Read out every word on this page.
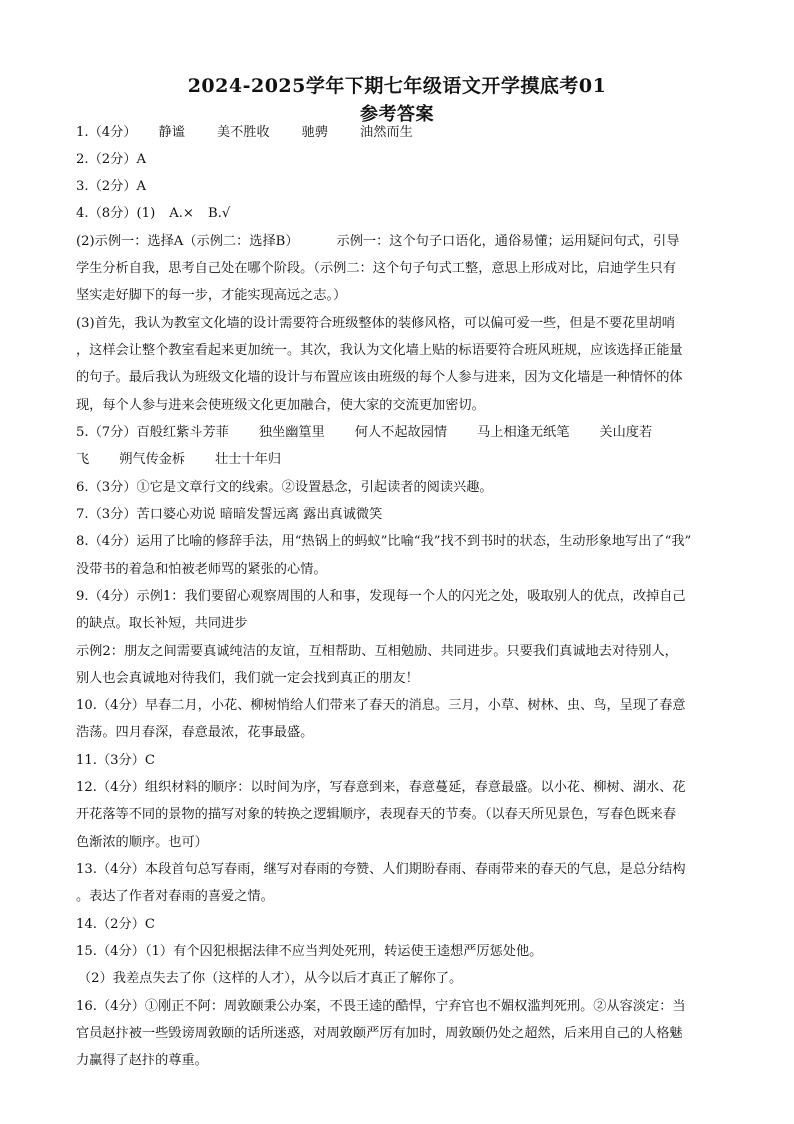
2024-2025学年下期七年级语文开学摸底考01
参考答案
1.（4分） 静谧 美不胜收 驰骋 油然而生
2.（2分）A
3.（2分）A
4.（8分）(1) A.× B.√
(2)示例一：选择A（示例二：选择B）	示例一：这个句子口语化，通俗易懂；运用疑问句式，引导
学生分析自我，思考自己处在哪个阶段。（示例二：这个句子句式工整，意思上形成对比，启迪学生只有
坚实走好脚下的每一步，才能实现高远之志。）
(3)首先，我认为教室文化墙的设计需要符合班级整体的装修风格，可以偏可爱一些，但是不要花里胡哨
，这样会让整个教室看起来更加统一。其次，我认为文化墙上贴的标语要符合班风班规，应该选择正能量
的句子。最后我认为班级文化墙的设计与布置应该由班级的每个人参与进来，因为文化墙是一种情怀的体
现，每个人参与进来会使班级文化更加融合，使大家的交流更加密切。
5.（7分）百般红紫斗芳菲 独坐幽篁里 何人不起故园情 马上相逢无纸笔 关山度若
飞 朔气传金柝 壮士十年归
6.（3分）①它是文章行文的线索。②设置悬念，引起读者的阅读兴趣。
7.（3分）苦口婆心劝说 暗暗发誓远离 露出真诚微笑
8.（4分）运用了比喻的修辞手法，用“热锅上的蚂蚁”比喻“我”找不到书时的状态，生动形象地写出了“我”
没带书的着急和怕被老师骂的紧张的心情。
9.（4分）示例1：我们要留心观察周围的人和事，发现每一个人的闪光之处，吸取别人的优点，改掉自己
的缺点。取长补短，共同进步
示例2：朋友之间需要真诚纯洁的友谊，互相帮助、互相勉励、共同进步。只要我们真诚地去对待别人，
别人也会真诚地对待我们，我们就一定会找到真正的朋友！
10.（4分）早春二月，小花、柳树悄给人们带来了春天的消息。三月，小草、树林、虫、鸟，呈现了春意
浩荡。四月春深，春意最浓，花事最盛。
11.（3分）C
12.（4分）组织材料的顺序：以时间为序，写春意到来，春意蔓延，春意最盛。以小花、柳树、湖水、花
开花落等不同的景物的描写对象的转换之逻辑顺序，表现春天的节奏。（以春天所见景色，写春色既来春
色渐浓的顺序。也可）
13.（4分）本段首句总写春雨，继写对春雨的夸赞、人们期盼春雨、春雨带来的春天的气息，是总分结构
。表达了作者对春雨的喜爱之情。
14.（2分）C
15.（4分）（1）有个囚犯根据法律不应当判处死刑，转运使王逵想严厉惩处他。
（2）我差点失去了你（这样的人才），从今以后才真正了解你了。
16.（4分）①刚正不阿：周敦颐秉公办案，不畏王逵的酷悍，宁弃官也不媚权滥判死刑。②从容淡定：当
官员赵抃被一些毁谤周敦颐的话所迷惑，对周敦颐严厉有加时，周敦颐仍处之超然，后来用自己的人格魅
力赢得了赵抃的尊重。
